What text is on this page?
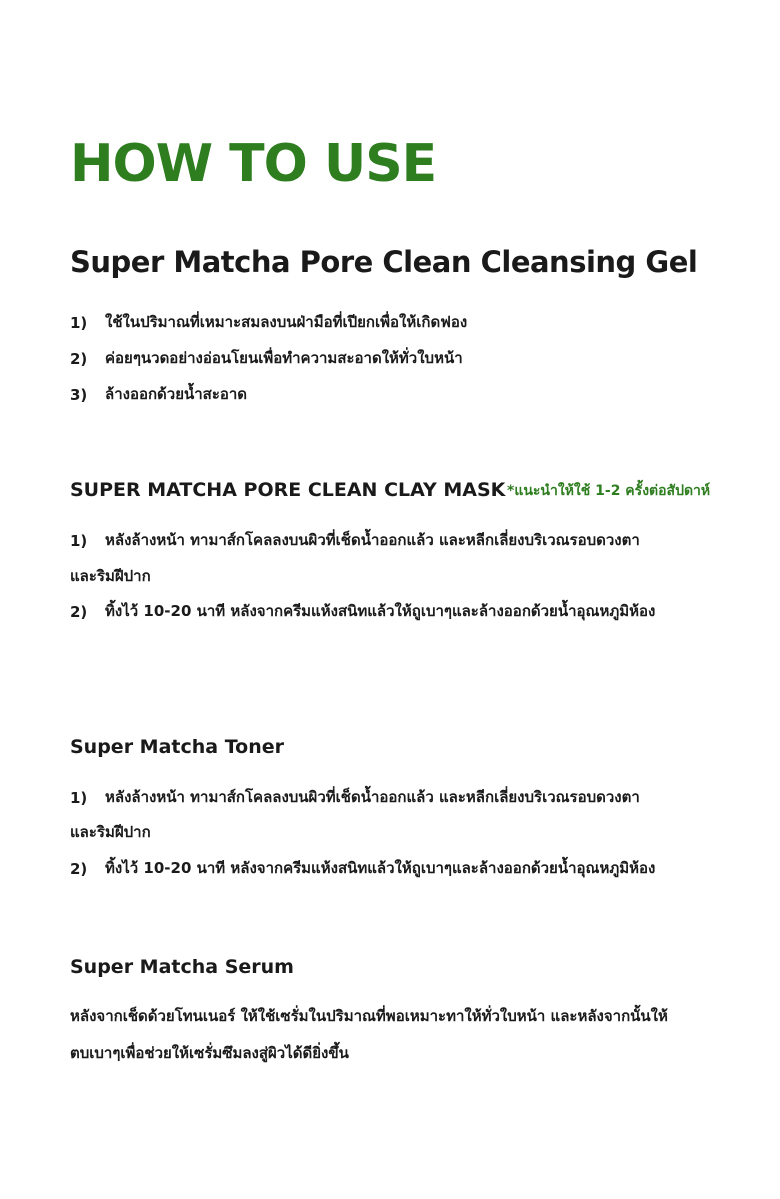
HOW TO USE
Super Matcha Pore Clean Cleansing Gel
1) ใช้ในปริมาณที่เหมาะสมลงบนฝ่ามือที่เปียกเพื่อให้เกิดฟอง
2) ค่อยๆนวดอย่างอ่อนโยนเพื่อทำความสะอาดให้ทั่วใบหน้า
3) ล้างออกด้วยน้ำสะอาด
SUPER MATCHA PORE CLEAN CLAY MASK *แนะนำให้ใช้ 1-2 ครั้งต่อสัปดาห์
1) หลังล้างหน้า ทามาส์กโคลลงบนผิวที่เช็ดน้ำออกแล้ว และหลีกเลี่ยงบริเวณรอบดวงตา
และริมฝีปาก
2) ทิ้งไว้ 10-20 นาที หลังจากครีมแห้งสนิทแล้วให้ถูเบาๆและล้างออกด้วยน้ำอุณหภูมิห้อง
Super Matcha Toner
1) หลังล้างหน้า ทามาส์กโคลลงบนผิวที่เช็ดน้ำออกแล้ว และหลีกเลี่ยงบริเวณรอบดวงตา
และริมฝีปาก
2) ทิ้งไว้ 10-20 นาที หลังจากครีมแห้งสนิทแล้วให้ถูเบาๆและล้างออกด้วยน้ำอุณหภูมิห้อง
Super Matcha Serum
หลังจากเช็ดด้วยโทนเนอร์ ให้ใช้เซรั่มในปริมาณที่พอเหมาะทาให้ทั่วใบหน้า และหลังจากนั้นให้
ตบเบาๆเพื่อช่วยให้เซรั่มซึมลงสู่ผิวได้ดียิ่งขึ้น
